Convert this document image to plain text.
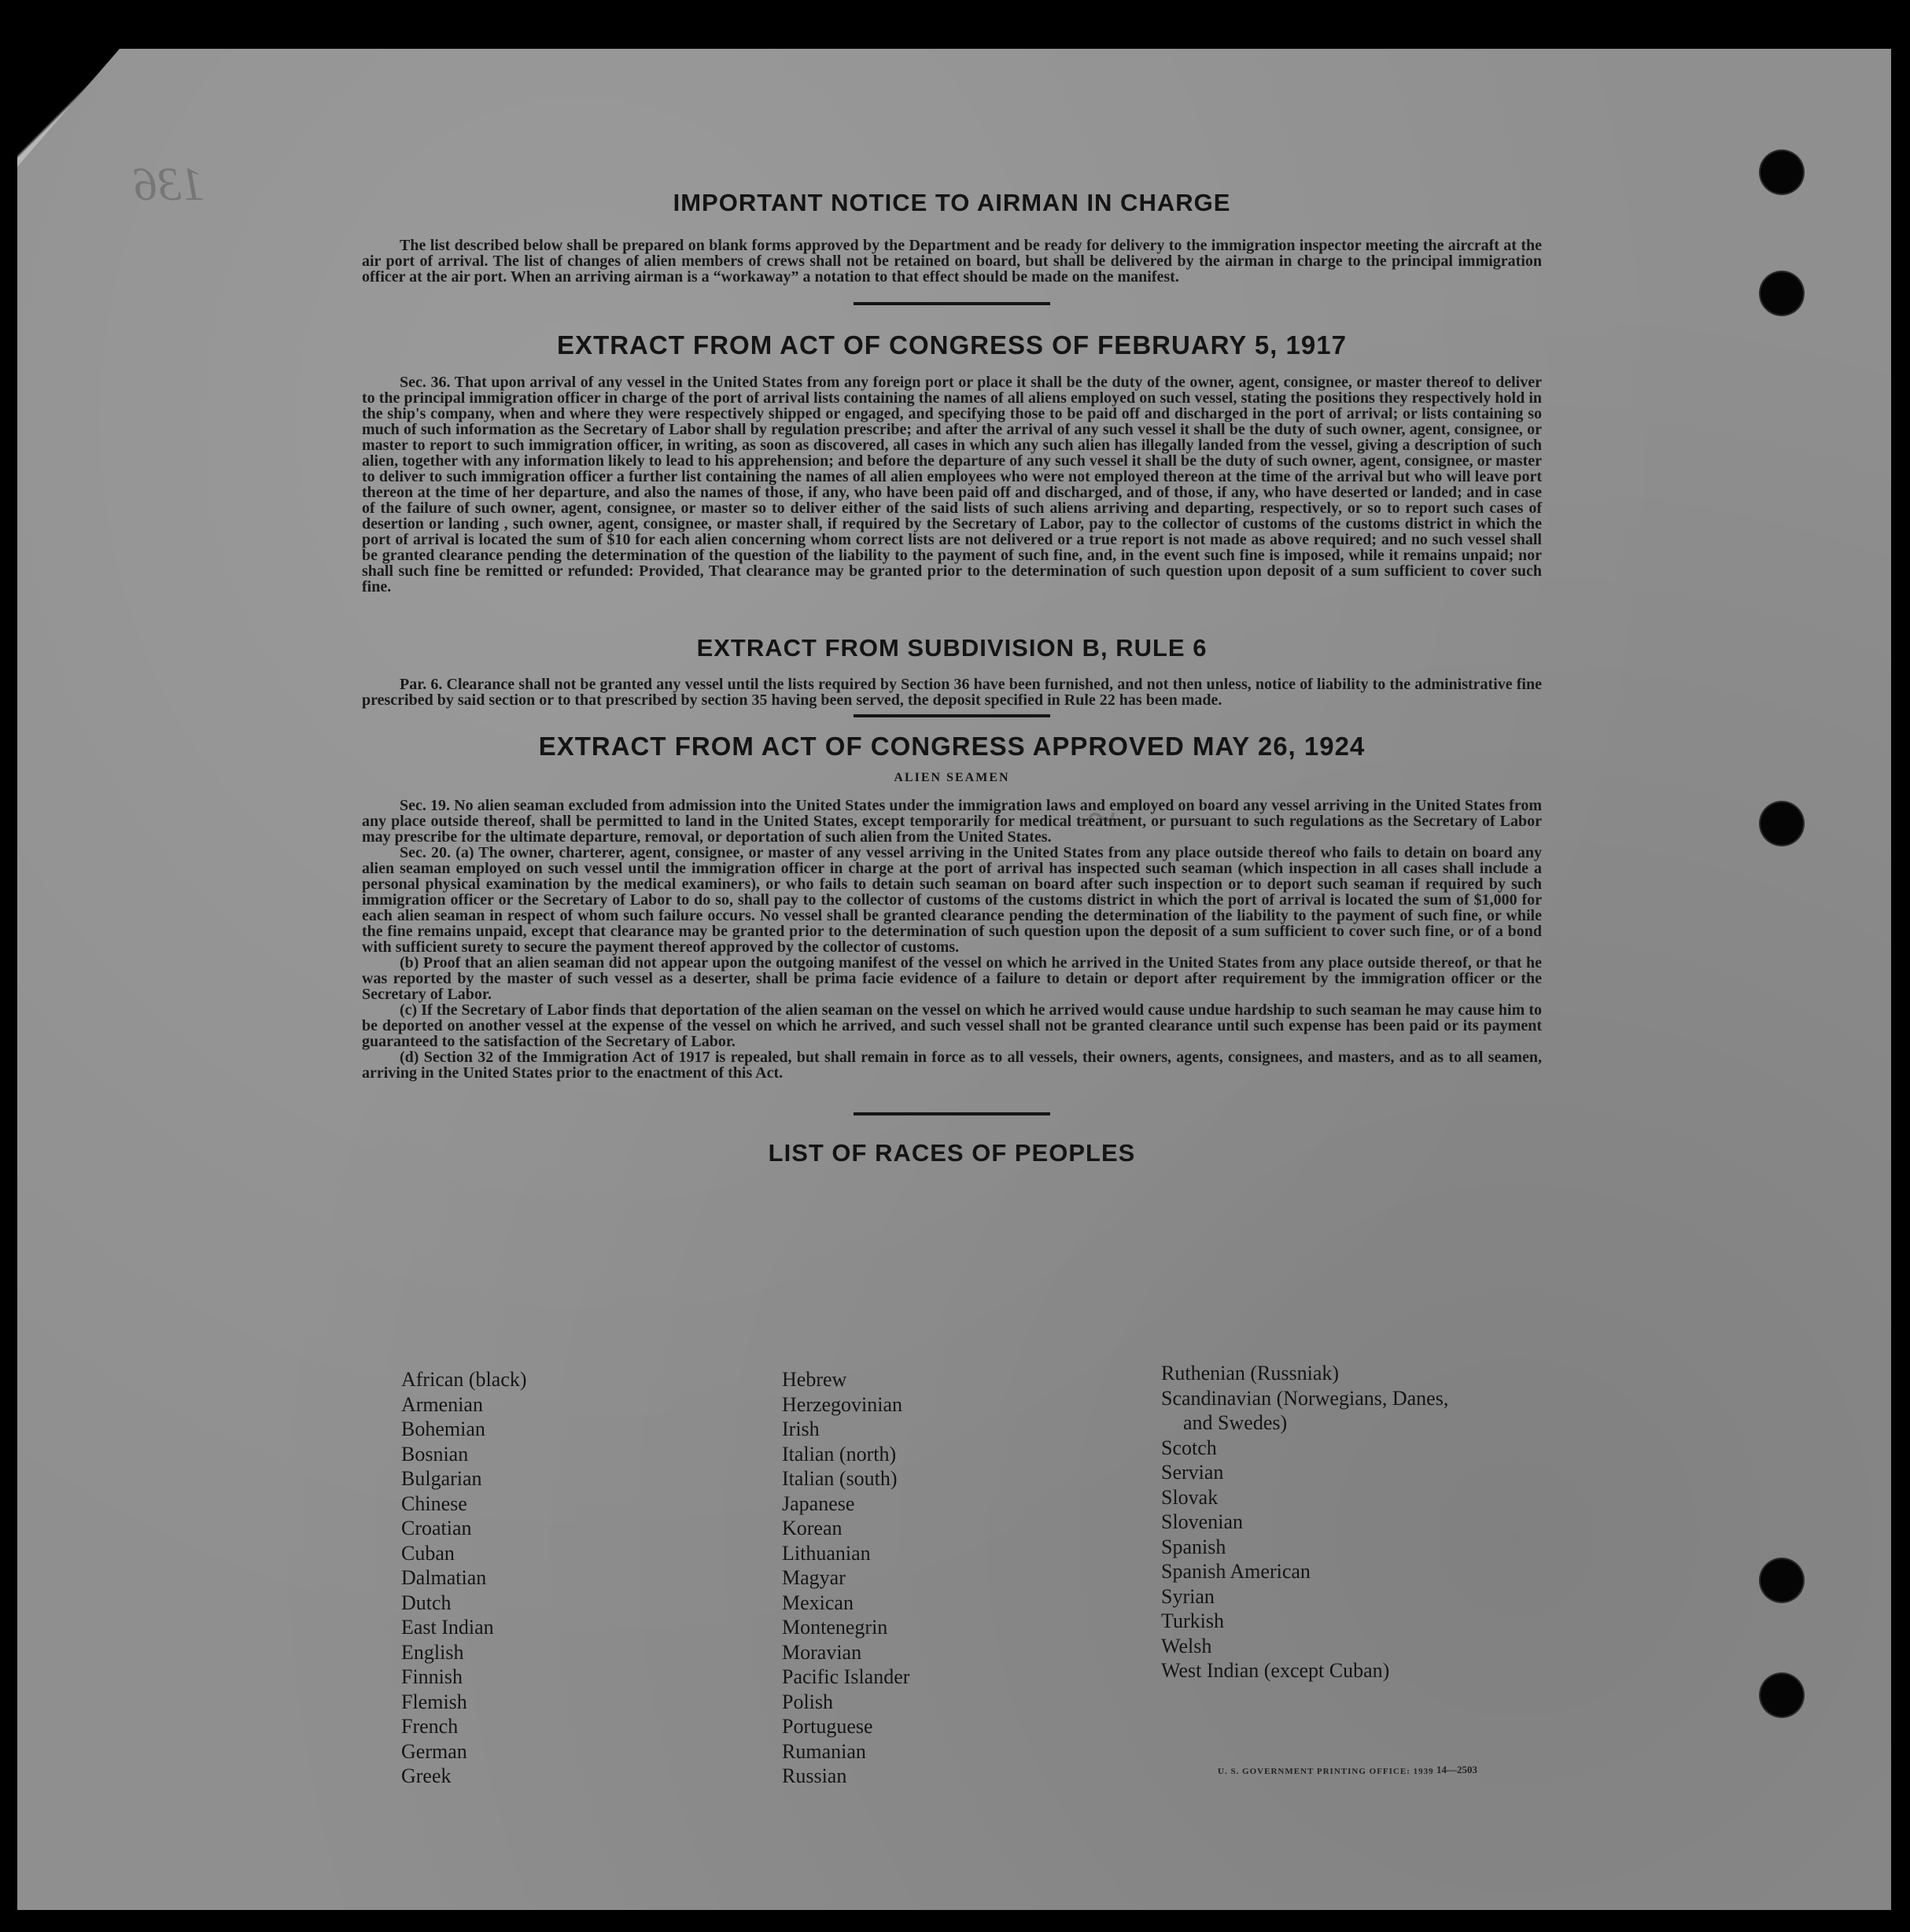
136
~
IMPORTANT NOTICE TO AIRMAN IN CHARGE

The list described below shall be prepared on blank forms approved by the Department and be ready for delivery to the immigration inspector meeting the aircraft at the air port of arrival. The list of changes of alien members of crews shall not be retained on board, but shall be delivered by the airman in charge to the principal immigration officer at the air port. When an arriving airman is a “workaway” a notation to that effect should be made on the manifest.

EXTRACT FROM ACT OF CONGRESS OF FEBRUARY 5, 1917

Sec. 36. That upon arrival of any vessel in the United States from any foreign port or place it shall be the duty of the owner, agent, consignee, or master thereof to deliver to the principal immigration officer in charge of the port of arrival lists containing the names of all aliens employed on such vessel, stating the positions they respectively hold in the ship's company, when and where they were respectively shipped or engaged, and specifying those to be paid off and discharged in the port of arrival; or lists containing so much of such information as the Secretary of Labor shall by regulation prescribe; and after the arrival of any such vessel it shall be the duty of such owner, agent, consignee, or master to report to such immigration officer, in writing, as soon as discovered, all cases in which any such alien has illegally landed from the vessel, giving a description of such alien, together with any information likely to lead to his apprehension; and before the departure of any such vessel it shall be the duty of such owner, agent, consignee, or master to deliver to such immigration officer a further list containing the names of all alien employees who were not employed thereon at the time of the arrival but who will leave port thereon at the time of her departure, and also the names of those, if any, who have been paid off and discharged, and of those, if any, who have deserted or landed; and in case of the failure of such owner, agent, consignee, or master so to deliver either of the said lists of such aliens arriving and departing, respectively, or so to report such cases of desertion or landing , such owner, agent, consignee, or master shall, if required by the Secretary of Labor, pay to the collector of customs of the customs district in which the port of arrival is located the sum of $10 for each alien concerning whom correct lists are not delivered or a true report is not made as above required; and no such vessel shall be granted clearance pending the determination of the question of the liability to the payment of such fine, and, in the event such fine is imposed, while it remains unpaid; nor shall such fine be remitted or refunded: Provided, That clearance may be granted prior to the determination of such question upon deposit of a sum sufficient to cover such fine.

EXTRACT FROM SUBDIVISION B, RULE 6

Par. 6. Clearance shall not be granted any vessel until the lists required by Section 36 have been furnished, and not then unless, notice of liability to the administrative fine prescribed by said section or to that prescribed by section 35 having been served, the deposit specified in Rule 22 has been made.

EXTRACT FROM ACT OF CONGRESS APPROVED MAY 26, 1924

ALIEN SEAMEN

Sec. 19. No alien seaman excluded from admission into the United States under the immigration laws and employed on board any vessel arriving in the United States from any place outside thereof, shall be permitted to land in the United States, except temporarily for medical treatment, or pursuant to such regulations as the Secretary of Labor may prescribe for the ultimate departure, removal, or deportation of such alien from the United States.

Sec. 20. (a) The owner, charterer, agent, consignee, or master of any vessel arriving in the United States from any place outside thereof who fails to detain on board any alien seaman employed on such vessel until the immigration officer in charge at the port of arrival has inspected such seaman (which inspection in all cases shall include a personal physical examination by the medical examiners), or who fails to detain such seaman on board after such inspection or to deport such seaman if required by such immigration officer or the Secretary of Labor to do so, shall pay to the collector of customs of the customs district in which the port of arrival is located the sum of $1,000 for each alien seaman in respect of whom such failure occurs. No vessel shall be granted clearance pending the determination of the liability to the payment of such fine, or while the fine remains unpaid, except that clearance may be granted prior to the determination of such question upon the deposit of a sum sufficient to cover such fine, or of a bond with sufficient surety to secure the payment thereof approved by the collector of customs.

(b) Proof that an alien seaman did not appear upon the outgoing manifest of the vessel on which he arrived in the United States from any place outside thereof, or that he was reported by the master of such vessel as a deserter, shall be prima facie evidence of a failure to detain or deport after requirement by the immigration officer or the Secretary of Labor.

(c) If the Secretary of Labor finds that deportation of the alien seaman on the vessel on which he arrived would cause undue hardship to such seaman he may cause him to be deported on another vessel at the expense of the vessel on which he arrived, and such vessel shall not be granted clearance until such expense has been paid or its payment guaranteed to the satisfaction of the Secretary of Labor.

(d) Section 32 of the Immigration Act of 1917 is repealed, but shall remain in force as to all vessels, their owners, agents, consignees, and masters, and as to all seamen, arriving in the United States prior to the enactment of this Act.

LIST OF RACES OF PEOPLES
African (black)
Armenian
Bohemian
Bosnian
Bulgarian
Chinese
Croatian
Cuban
Dalmatian
Dutch
East Indian
English
Finnish
Flemish
French
German
Greek
Hebrew
Herzegovinian
Irish
Italian (north)
Italian (south)
Japanese
Korean
Lithuanian
Magyar
Mexican
Montenegrin
Moravian
Pacific Islander
Polish
Portuguese
Rumanian
Russian
Ruthenian (Russniak)
Scandinavian (Norwegians, Danes,
and Swedes)
Scotch
Servian
Slovak
Slovenian
Spanish
Spanish American
Syrian
Turkish
Welsh
West Indian (except Cuban)
U. S. GOVERNMENT PRINTING OFFICE: 1939 14—2503
